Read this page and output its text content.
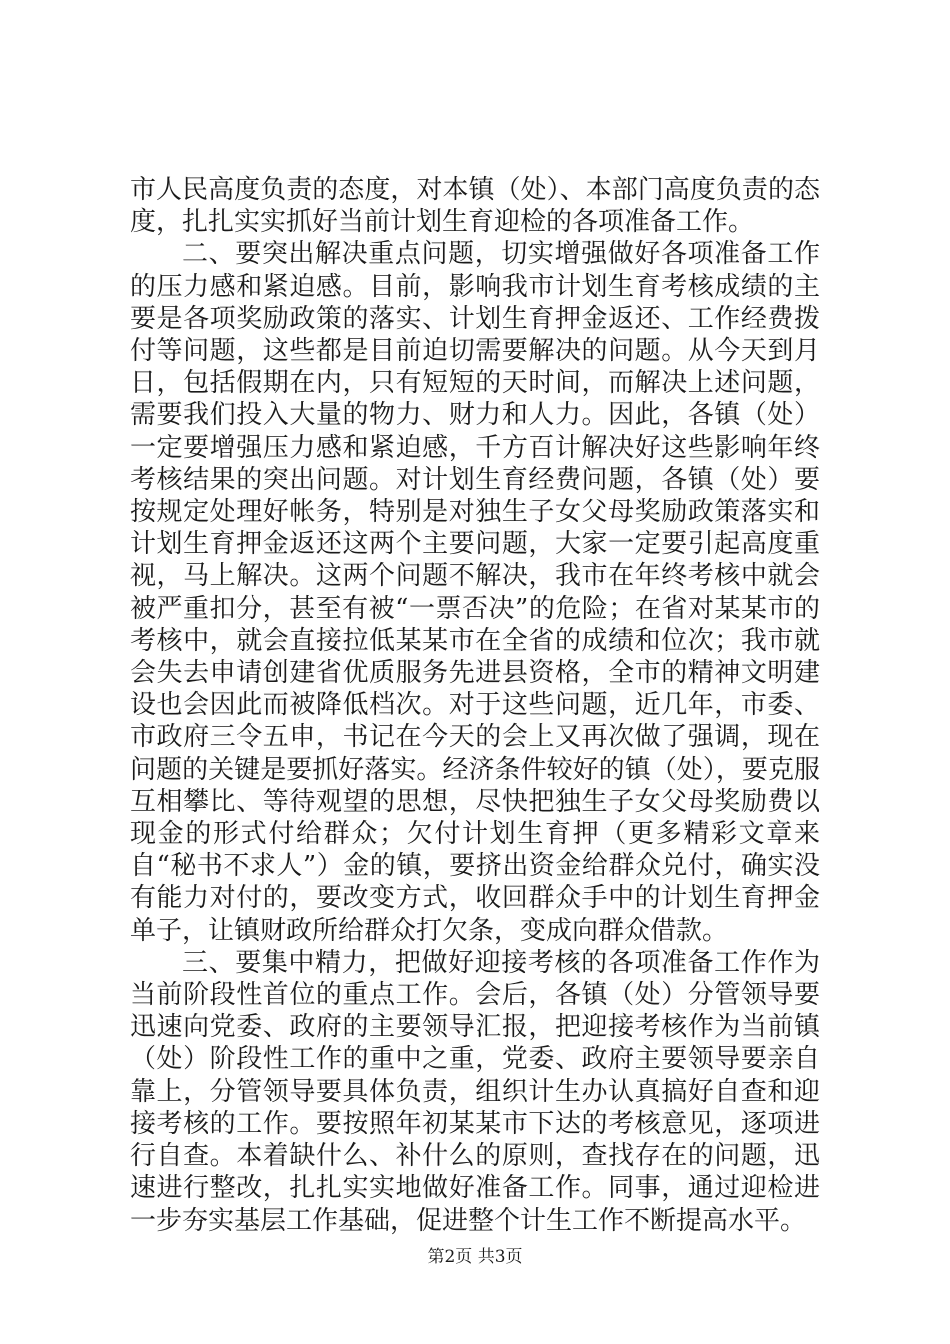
市人民高度负责的态度，对本镇（处）、本部门高度负责的态度，扎扎实实抓好当前计划生育迎检的各项准备工作。

二、要突出解决重点问题，切实增强做好各项准备工作的压力感和紧迫感。目前，影响我市计划生育考核成绩的主要是各项奖励政策的落实、计划生育押金返还、工作经费拨付等问题，这些都是目前迫切需要解决的问题。从今天到月日，包括假期在内，只有短短的天时间，而解决上述问题，需要我们投入大量的物力、财力和人力。因此，各镇（处）一定要增强压力感和紧迫感，千方百计解决好这些影响年终考核结果的突出问题。对计划生育经费问题，各镇（处）要按规定处理好帐务，特别是对独生子女父母奖励政策落实和计划生育押金返还这两个主要问题，大家一定要引起高度重视，马上解决。这两个问题不解决，我市在年终考核中就会被严重扣分，甚至有被“一票否决”的危险；在省对某某市的考核中，就会直接拉低某某市在全省的成绩和位次；我市就会失去申请创建省优质服务先进县资格，全市的精神文明建设也会因此而被降低档次。对于这些问题，近几年，市委、市政府三令五申，书记在今天的会上又再次做了强调，现在问题的关键是要抓好落实。经济条件较好的镇（处），要克服互相攀比、等待观望的思想，尽快把独生子女父母奖励费以现金的形式付给群众；欠付计划生育押（更多精彩文章来自“秘书不求人”）金的镇，要挤出资金给群众兑付，确实没有能力对付的，要改变方式，收回群众手中的计划生育押金单子，让镇财政所给群众打欠条，变成向群众借款。

三、要集中精力，把做好迎接考核的各项准备工作作为当前阶段性首位的重点工作。会后，各镇（处）分管领导要迅速向党委、政府的主要领导汇报，把迎接考核作为当前镇（处）阶段性工作的重中之重，党委、政府主要领导要亲自靠上，分管领导要具体负责，组织计生办认真搞好自查和迎接考核的工作。要按照年初某某市下达的考核意见，逐项进行自查。本着缺什么、补什么的原则，查找存在的问题，迅速进行整改，扎扎实实地做好准备工作。同事，通过迎检进一步夯实基层工作基础，促进整个计生工作不断提高水平。

第2页 共3页
